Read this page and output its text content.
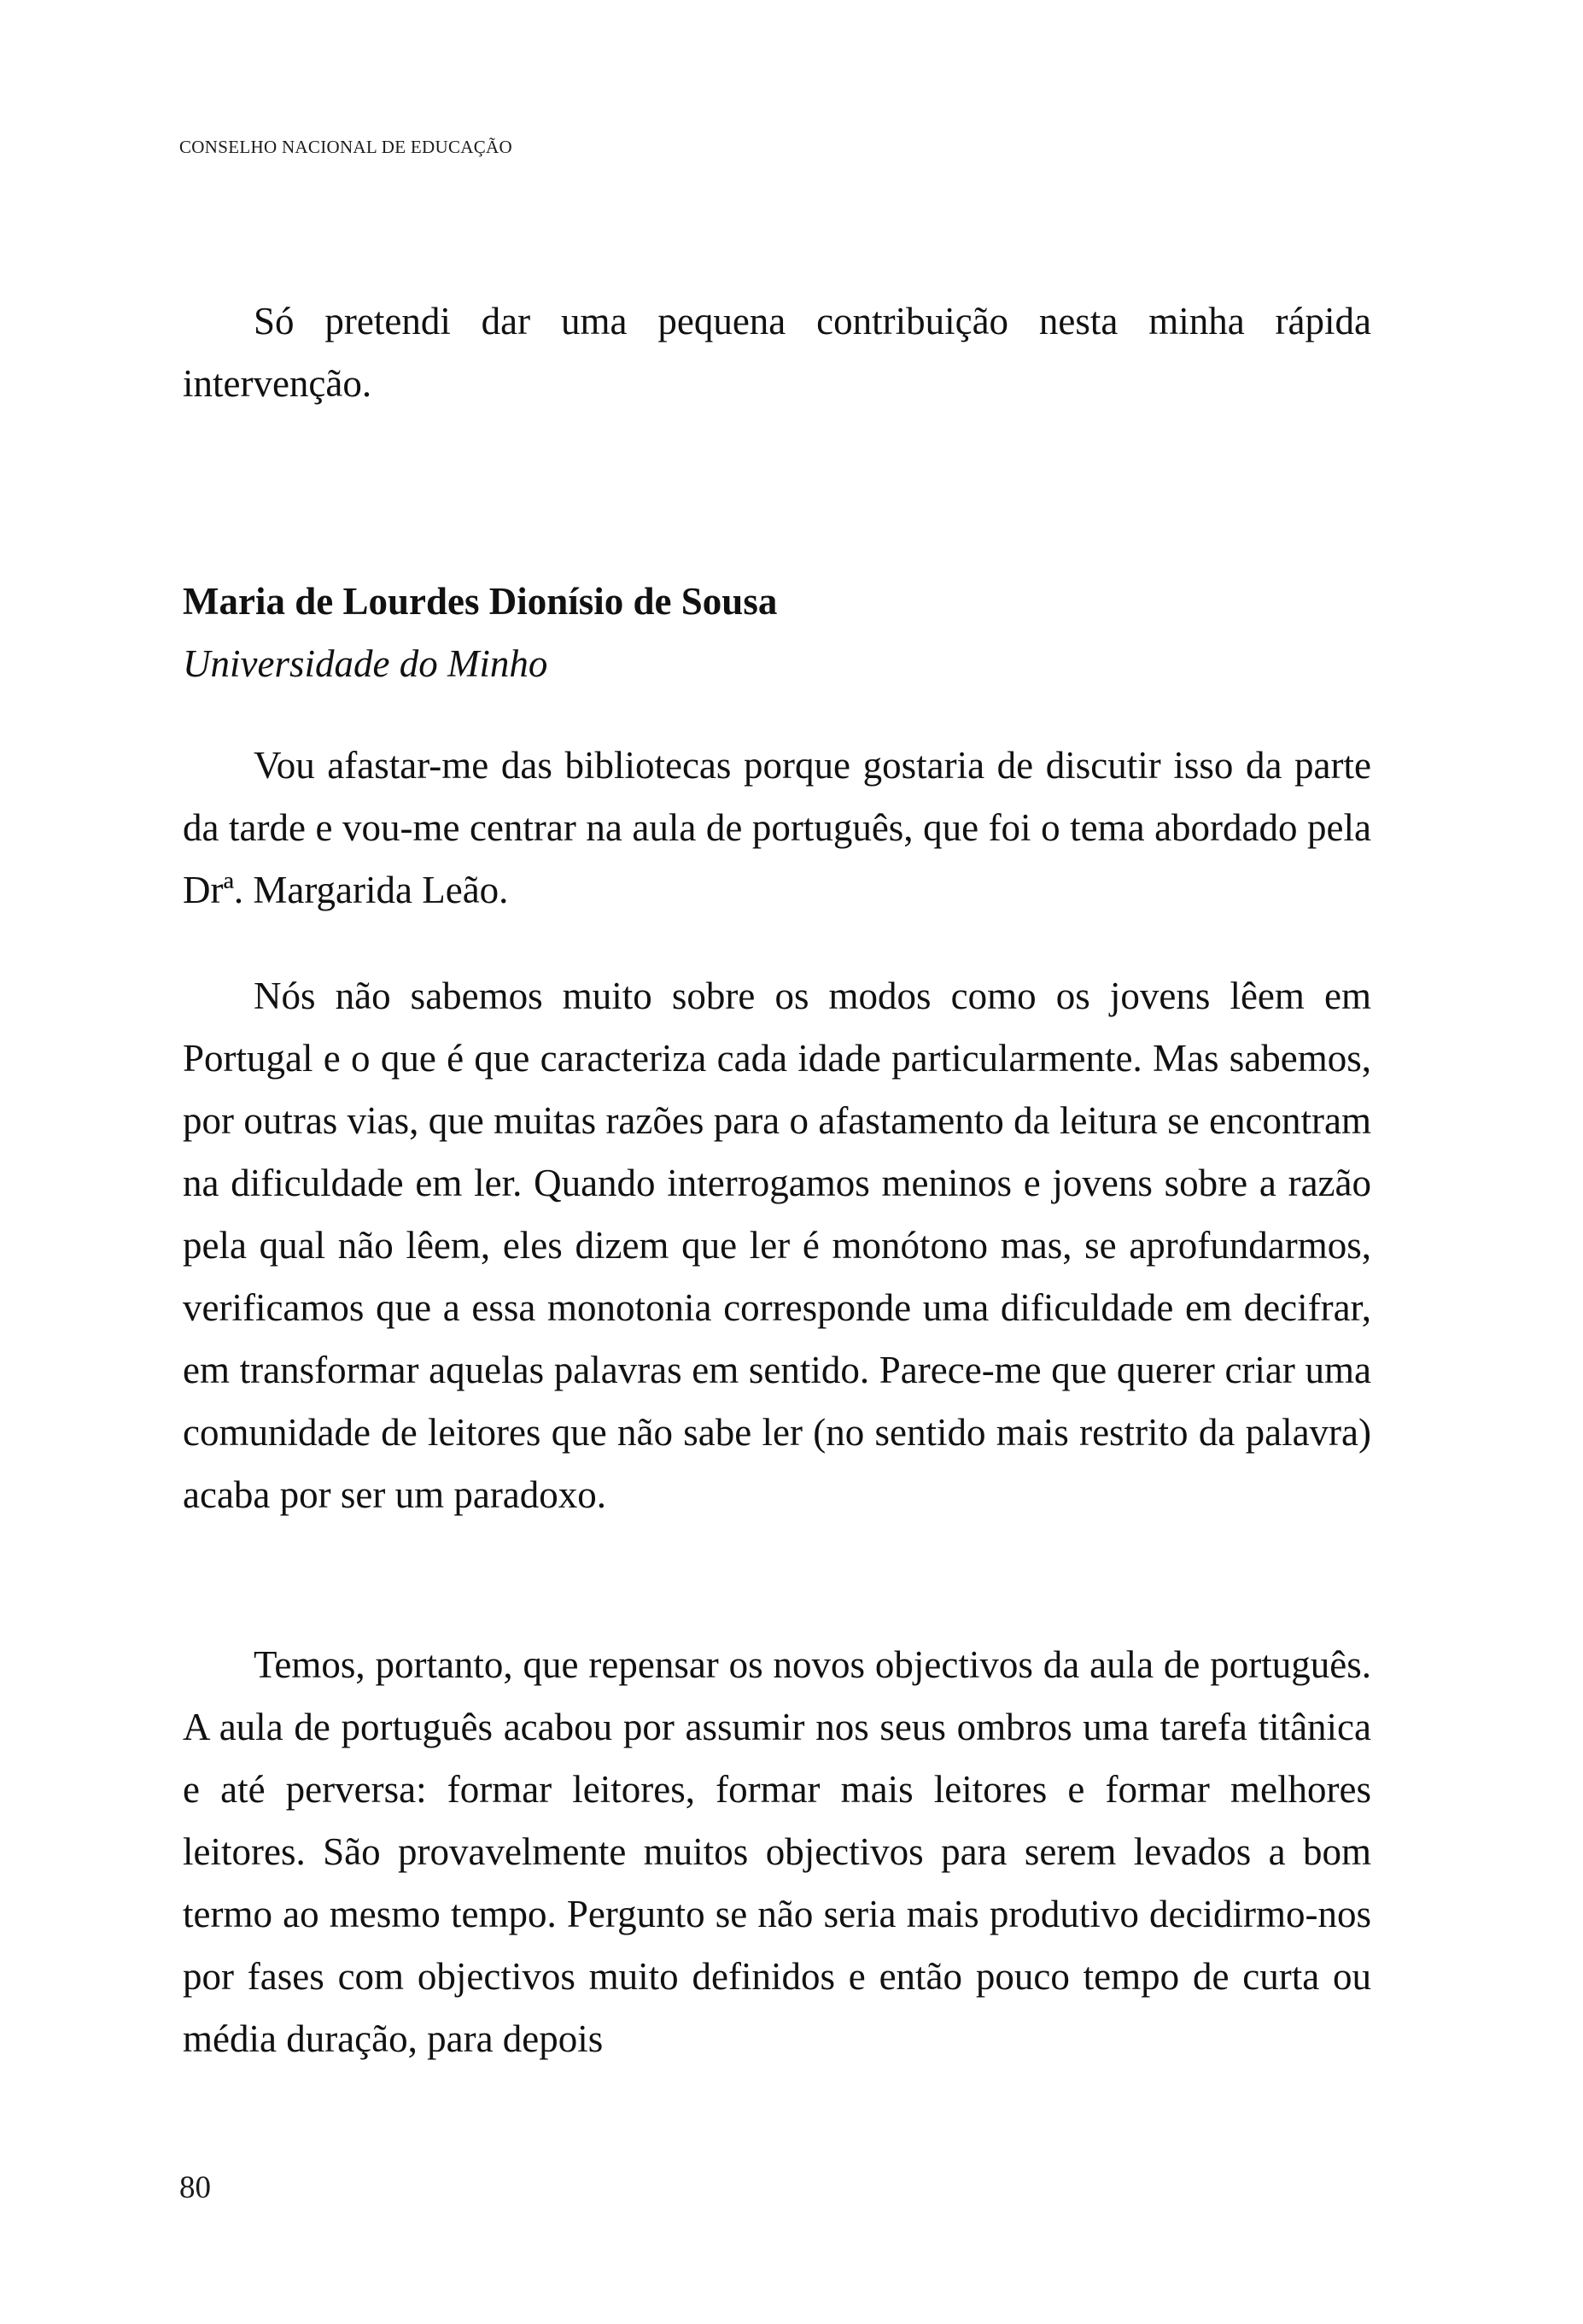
CONSELHO NACIONAL DE EDUCAÇÃO

Só pretendi dar uma pequena contribuição nesta minha rápida intervenção.

Maria de Lourdes Dionísio de Sousa

Universidade do Minho

Vou afastar-me das bibliotecas porque gostaria de discutir isso da parte da tarde e vou-me centrar na aula de português, que foi o tema abordado pela Drª. Margarida Leão.

Nós não sabemos muito sobre os modos como os jovens lêem em Portugal e o que é que caracteriza cada idade particularmente. Mas sabemos, por outras vias, que muitas razões para o afastamento da leitura se encontram na dificuldade em ler. Quando interrogamos meninos e jovens sobre a razão pela qual não lêem, eles dizem que ler é monótono mas, se aprofundarmos, verificamos que a essa monotonia corresponde uma dificuldade em decifrar, em transformar aquelas palavras em sentido. Parece-me que querer criar uma comunidade de leitores que não sabe ler (no sentido mais restrito da palavra) acaba por ser um paradoxo.

Temos, portanto, que repensar os novos objectivos da aula de português. A aula de português acabou por assumir nos seus ombros uma tarefa titânica e até perversa: formar leitores, formar mais leitores e formar melhores leitores. São provavelmente muitos objectivos para serem levados a bom termo ao mesmo tempo. Pergunto se não seria mais produtivo decidirmo-nos por fases com objectivos muito definidos e então pouco tempo de curta ou média duração, para depois

80
